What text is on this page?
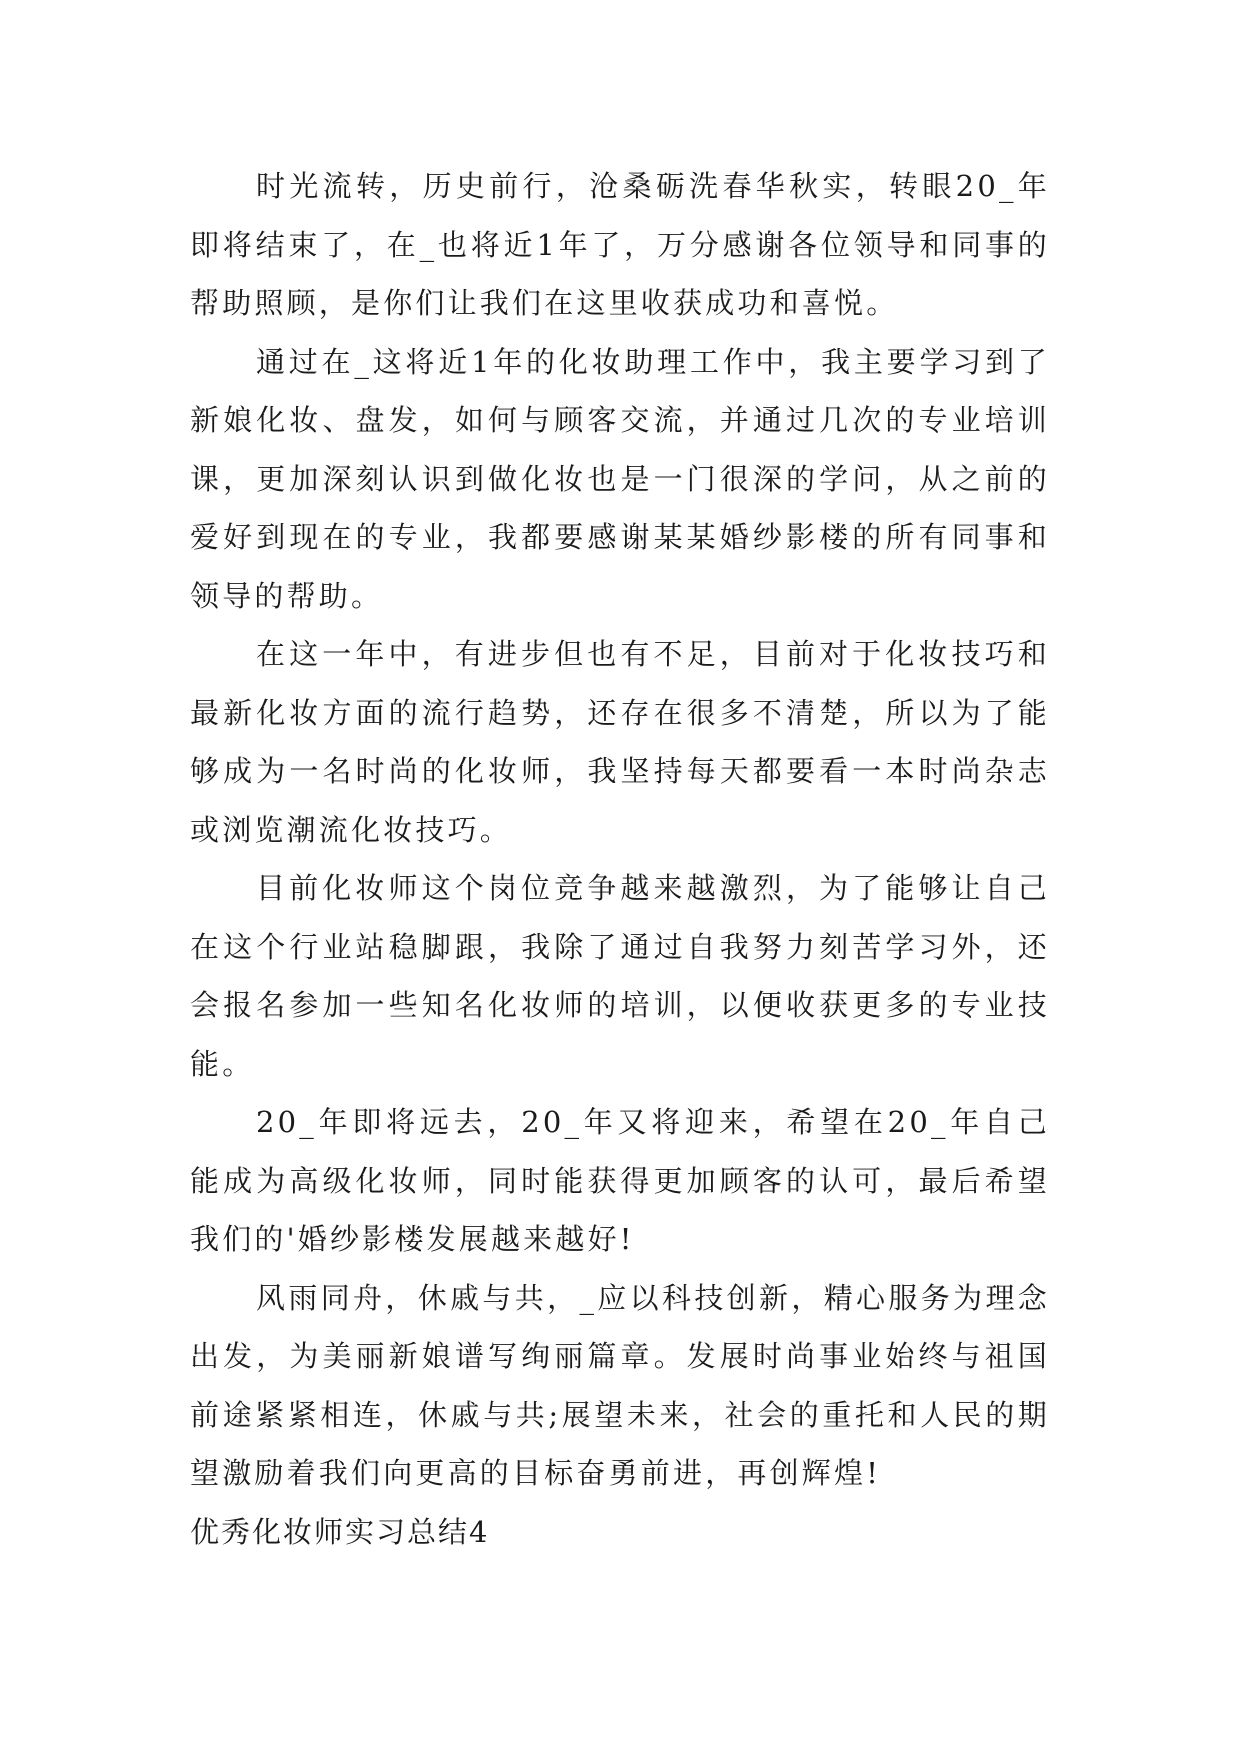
时光流转，历史前行，沧桑砺洗春华秋实，转眼20_年即将结束了，在_也将近1年了，万分感谢各位领导和同事的帮助照顾，是你们让我们在这里收获成功和喜悦。

通过在_这将近1年的化妆助理工作中，我主要学习到了新娘化妆、盘发，如何与顾客交流，并通过几次的专业培训课，更加深刻认识到做化妆也是一门很深的学问，从之前的爱好到现在的专业，我都要感谢某某婚纱影楼的所有同事和领导的帮助。

在这一年中，有进步但也有不足，目前对于化妆技巧和最新化妆方面的流行趋势，还存在很多不清楚，所以为了能够成为一名时尚的化妆师，我坚持每天都要看一本时尚杂志或浏览潮流化妆技巧。

目前化妆师这个岗位竞争越来越激烈，为了能够让自己在这个行业站稳脚跟，我除了通过自我努力刻苦学习外，还会报名参加一些知名化妆师的培训，以便收获更多的专业技能。

20_年即将远去，20_年又将迎来，希望在20_年自己能成为高级化妆师，同时能获得更加顾客的认可，最后希望我们的'婚纱影楼发展越来越好!

风雨同舟，休戚与共，_应以科技创新，精心服务为理念出发，为美丽新娘谱写绚丽篇章。发展时尚事业始终与祖国前途紧紧相连，休戚与共;展望未来，社会的重托和人民的期望激励着我们向更高的目标奋勇前进，再创辉煌!

优秀化妆师实习总结4
